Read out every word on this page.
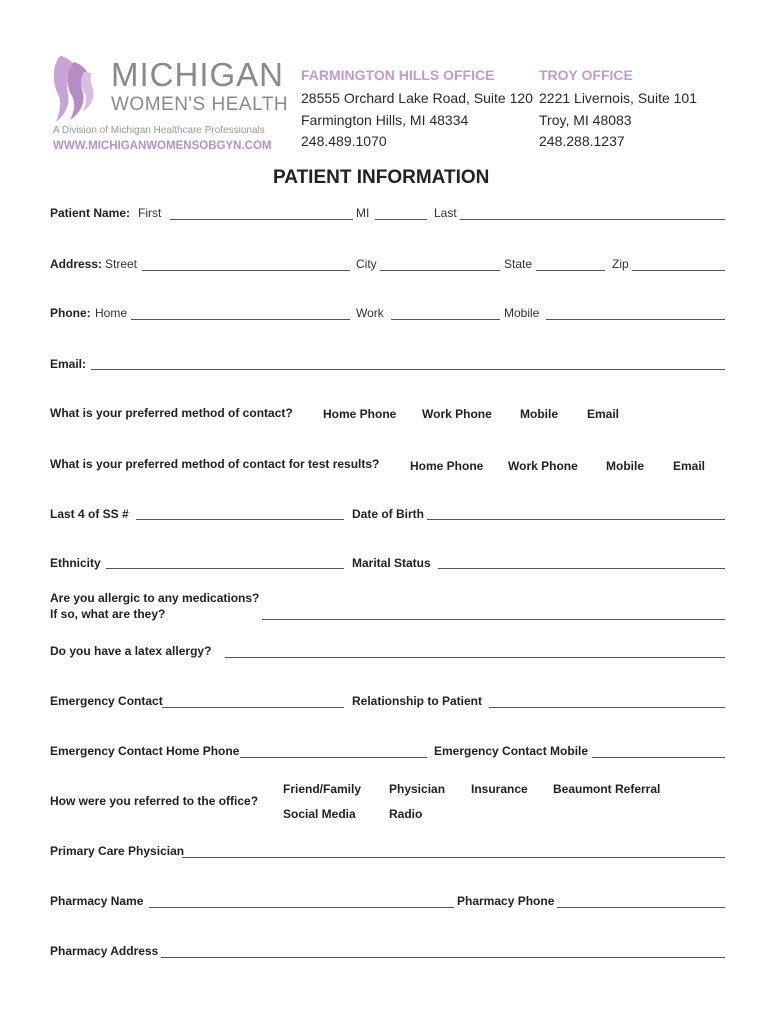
MICHIGAN
WOMEN'S HEALTH
A Division of Michigan Healthcare Professionals
WWW.MICHIGANWOMENSOBGYN.COM
FARMINGTON HILLS OFFICE
28555 Orchard Lake Road, Suite 120
Farmington Hills, MI 48334
248.489.1070
TROY OFFICE
2221 Livernois, Suite 101
Troy, MI 48083
248.288.1237
PATIENT INFORMATION
Patient Name: First	MI	Last
Address: Street	City	State	Zip
Phone: Home	Work	Mobile
Email:
What is your preferred method of contact?	Home Phone Work Phone Mobile Email
What is your preferred method of contact for test results?	Home Phone Work Phone Mobile Email
Last 4 of SS #	Date of Birth
Ethnicity	Marital Status
Are you allergic to any medications?
If so, what are they?
Do you have a latex allergy?
Emergency Contact	Relationship to Patient
Emergency Contact Home Phone	Emergency Contact Mobile
How were you referred to the office?
Friend/Family Physician Insurance Beaumont Referral
Social Media	Radio
Primary Care Physician
Pharmacy Name	Pharmacy Phone
Pharmacy Address
